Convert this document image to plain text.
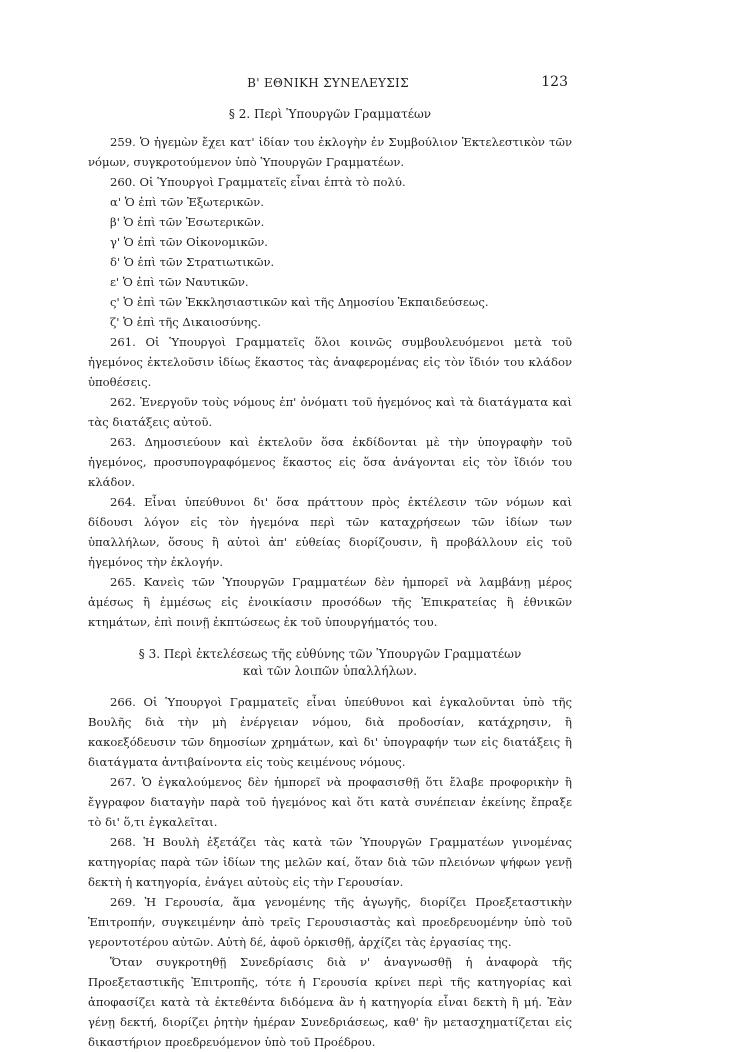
Β' ΕΘΝΙΚΗ ΣΥΝΕΛΕΥΣΙΣ	123
§ 2. Περὶ Ὑπουργῶν Γραμματέων

259. Ὁ ἡγεμὼν ἔχει κατ' ἰδίαν του ἐκλογὴν ἐν Συμβούλιον Ἐκτελεστικὸν τῶν νόμων, συγκροτούμενον ὑπὸ Ὑπουργῶν Γραμματέων.

260. Οἱ Ὑπουργοὶ Γραμματεῖς εἶναι ἑπτὰ τὸ πολύ.

α' Ὁ ἐπὶ τῶν Ἐξωτερικῶν.
β' Ὁ ἐπὶ τῶν Ἐσωτερικῶν.
γ' Ὁ ἐπὶ τῶν Οἰκονομικῶν.
δ' Ὁ ἐπὶ τῶν Στρατιωτικῶν.
ε' Ὁ ἐπὶ τῶν Ναυτικῶν.
ς' Ὁ ἐπὶ τῶν Ἐκκλησιαστικῶν καὶ τῆς Δημοσίου Ἐκπαιδεύσεως.
ζ' Ὁ ἐπὶ τῆς Δικαιοσύνης.

261. Οἱ Ὑπουργοὶ Γραμματεῖς ὅλοι κοινῶς συμβουλευόμενοι μετὰ τοῦ ἡγεμόνος ἐκτελοῦσιν ἰδίως ἕκαστος τὰς ἀναφερομένας εἰς τὸν ἴδιόν του κλάδον ὑποθέσεις.

262. Ἐνεργοῦν τοὺς νόμους ἐπ' ὀνόματι τοῦ ἡγεμόνος καὶ τὰ διατάγματα καὶ τὰς διατάξεις αὐτοῦ.

263. Δημοσιεύουν καὶ ἐκτελοῦν ὅσα ἐκδίδονται μὲ τὴν ὑπογραφὴν τοῦ ἡγεμόνος, προσυπογραφόμενος ἕκαστος εἰς ὅσα ἀνάγονται εἰς τὸν ἴδιόν του κλάδον.

264. Εἶναι ὑπεύθυνοι δι' ὅσα πράττουν πρὸς ἐκτέλεσιν τῶν νόμων καὶ δίδουσι λόγον εἰς τὸν ἡγεμόνα περὶ τῶν καταχρήσεων τῶν ἰδίων των ὑπαλλήλων, ὅσους ἢ αὐτοὶ ἀπ' εὐθείας διορίζουσιν, ἢ προβάλλουν εἰς τοῦ ἡγεμόνος τὴν ἐκλογήν.

265. Κανεὶς τῶν Ὑπουργῶν Γραμματέων δὲν ἠμπορεῖ νὰ λαμβάνῃ μέρος ἀμέσως ἢ ἐμμέσως εἰς ἐνοικίασιν προσόδων τῆς Ἐπικρατείας ἢ ἐθνικῶν κτημάτων, ἐπὶ ποινῇ ἐκπτώσεως ἐκ τοῦ ὑπουργήματός του.

§ 3. Περὶ ἐκτελέσεως τῆς εὐθύνης τῶν Ὑπουργῶν Γραμματέων
καὶ τῶν λοιπῶν ὑπαλλήλων.

266. Οἱ Ὑπουργοὶ Γραμματεῖς εἶναι ὑπεύθυνοι καὶ ἐγκαλοῦνται ὑπὸ τῆς Βουλῆς διὰ τὴν μὴ ἐνέργειαν νόμου, διὰ προδοσίαν, κατάχρησιν, ἢ κακοεξόδευσιν τῶν δημοσίων χρημάτων, καὶ δι' ὑπογραφήν των εἰς διατάξεις ἢ διατάγματα ἀντιβαίνοντα εἰς τοὺς κειμένους νόμους.

267. Ὁ ἐγκαλούμενος δὲν ἠμπορεῖ νὰ προφασισθῇ ὅτι ἔλαβε προφορικὴν ἢ ἔγγραφον διαταγὴν παρὰ τοῦ ἡγεμόνος καὶ ὅτι κατὰ συνέπειαν ἐκείνης ἔπραξε τὸ δι' ὅ,τι ἐγκαλεῖται.

268. Ἡ Βουλὴ ἐξετάζει τὰς κατὰ τῶν Ὑπουργῶν Γραμματέων γινομένας κατηγορίας παρὰ τῶν ἰδίων της μελῶν καί, ὅταν διὰ τῶν πλειόνων ψήφων γενῇ δεκτὴ ἡ κατηγορία, ἐνάγει αὐτοὺς εἰς τὴν Γερουσίαν.

269. Ἡ Γερουσία, ἅμα γενομένης τῆς ἀγωγῆς, διορίζει Προεξεταστικὴν Ἐπιτροπήν, συγκειμένην ἀπὸ τρεῖς Γερουσιαστὰς καὶ προεδρευομένην ὑπὸ τοῦ γεροντοτέρου αὐτῶν. Αὐτὴ δέ, ἀφοῦ ὁρκισθῇ, ἀρχίζει τὰς ἐργασίας της.

Ὅταν συγκροτηθῇ Συνεδρίασις διὰ ν' ἀναγνωσθῇ ἡ ἀναφορὰ τῆς Προεξεταστικῆς Ἐπιτροπῆς, τότε ἡ Γερουσία κρίνει περὶ τῆς κατηγορίας καὶ ἀποφασίζει κατὰ τὰ ἐκτεθέντα διδόμενα ἂν ἡ κατηγορία εἶναι δεκτὴ ἢ μή. Ἐὰν γένῃ δεκτή, διορίζει ῥητὴν ἡμέραν Συνεδριάσεως, καθ' ἣν μετασχηματίζεται εἰς δικαστήριον προεδρευόμενον ὑπὸ τοῦ Προέδρου.
